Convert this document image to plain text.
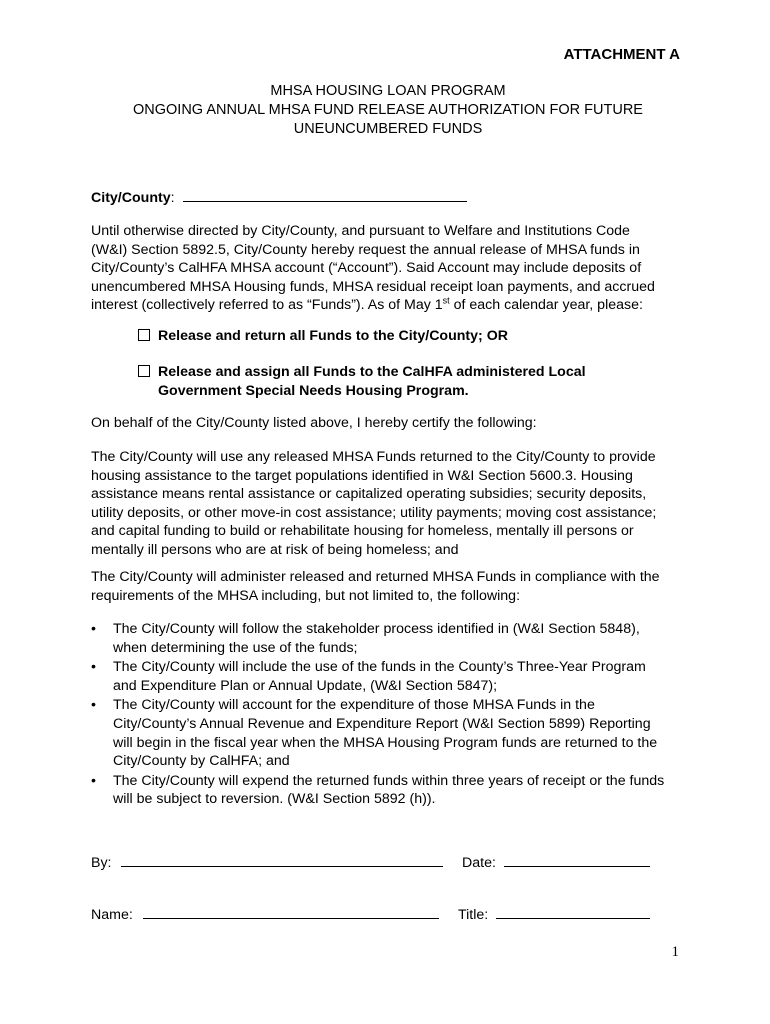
ATTACHMENT A
MHSA HOUSING LOAN PROGRAM
ONGOING ANNUAL MHSA FUND RELEASE AUTHORIZATION FOR FUTURE
UNEUNCUMBERED FUNDS
City/County:
Until otherwise directed by City/County, and pursuant to Welfare and Institutions Code
(W&I) Section 5892.5, City/County hereby request the annual release of MHSA funds in
City/County’s CalHFA MHSA account (“Account”). Said Account may include deposits of
unencumbered MHSA Housing funds, MHSA residual receipt loan payments, and accrued
interest (collectively referred to as “Funds”). As of May 1st of each calendar year, please:
Release and return all Funds to the City/County; OR
Release and assign all Funds to the CalHFA administered Local
Government Special Needs Housing Program.
On behalf of the City/County listed above, I hereby certify the following:
The City/County will use any released MHSA Funds returned to the City/County to provide
housing assistance to the target populations identified in W&I Section 5600.3. Housing
assistance means rental assistance or capitalized operating subsidies; security deposits,
utility deposits, or other move-in cost assistance; utility payments; moving cost assistance;
and capital funding to build or rehabilitate housing for homeless, mentally ill persons or
mentally ill persons who are at risk of being homeless; and
The City/County will administer released and returned MHSA Funds in compliance with the
requirements of the MHSA including, but not limited to, the following:
• The City/County will follow the stakeholder process identified in (W&I Section 5848),
when determining the use of the funds;
• The City/County will include the use of the funds in the County’s Three-Year Program
and Expenditure Plan or Annual Update, (W&I Section 5847);
• The City/County will account for the expenditure of those MHSA Funds in the
City/County’s Annual Revenue and Expenditure Report (W&I Section 5899) Reporting
will begin in the fiscal year when the MHSA Housing Program funds are returned to the
City/County by CalHFA; and
• The City/County will expend the returned funds within three years of receipt or the funds
will be subject to reversion. (W&I Section 5892 (h)).
By:	Date:
Name:	Title:
1
